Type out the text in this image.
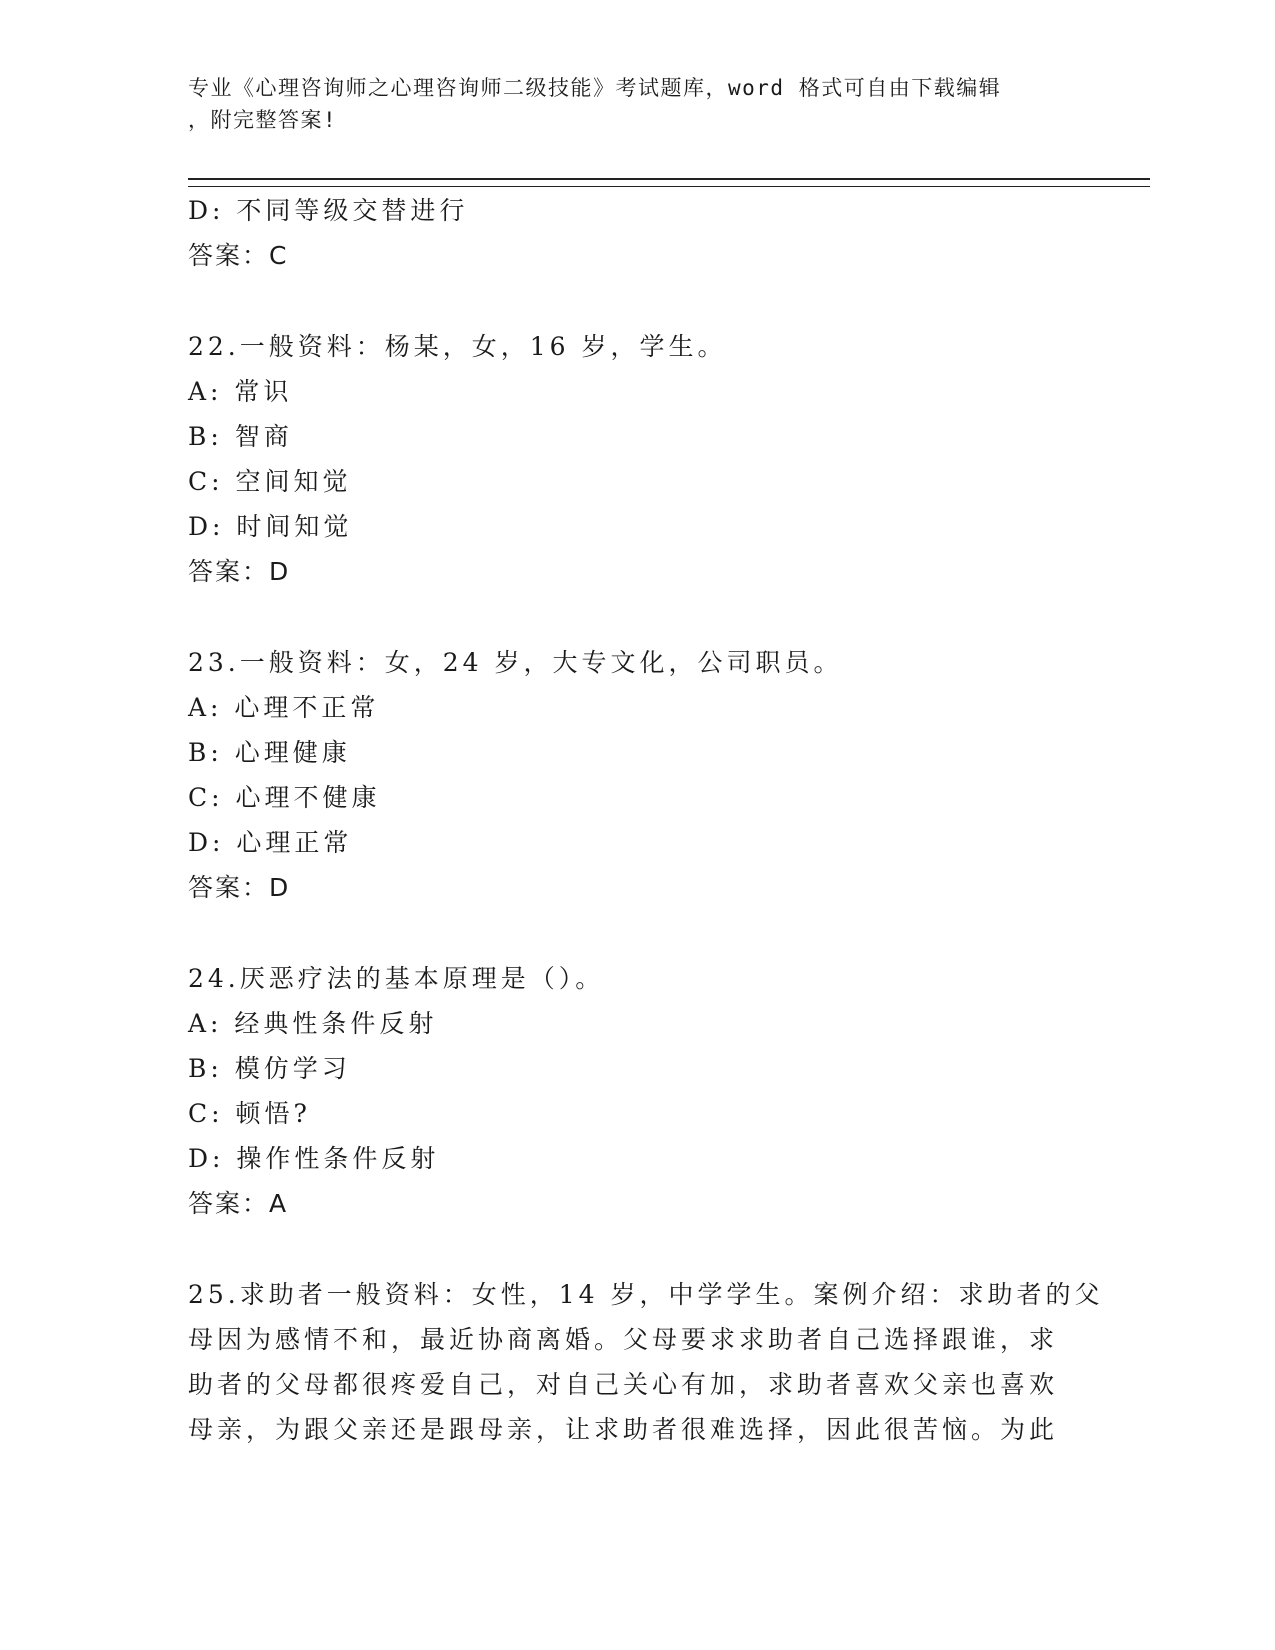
专业《心理咨询师之心理咨询师二级技能》考试题库，word 格式可自由下载编辑
，附完整答案!
D: 不同等级交替进行
答案：C
22.一般资料：杨某，女，16 岁，学生。
A: 常识
B: 智商
C: 空间知觉
D: 时间知觉
答案：D
23.一般资料：女，24 岁，大专文化，公司职员。
A: 心理不正常
B: 心理健康
C: 心理不健康
D: 心理正常
答案：D
24.厌恶疗法的基本原理是（）。
A: 经典性条件反射
B: 模仿学习
C: 顿悟?
D: 操作性条件反射
答案：A
25.求助者一般资料：女性，14 岁，中学学生。案例介绍：求助者的父
母因为感情不和，最近协商离婚。父母要求求助者自己选择跟谁，求
助者的父母都很疼爱自己，对自己关心有加，求助者喜欢父亲也喜欢
母亲，为跟父亲还是跟母亲，让求助者很难选择，因此很苦恼。为此
